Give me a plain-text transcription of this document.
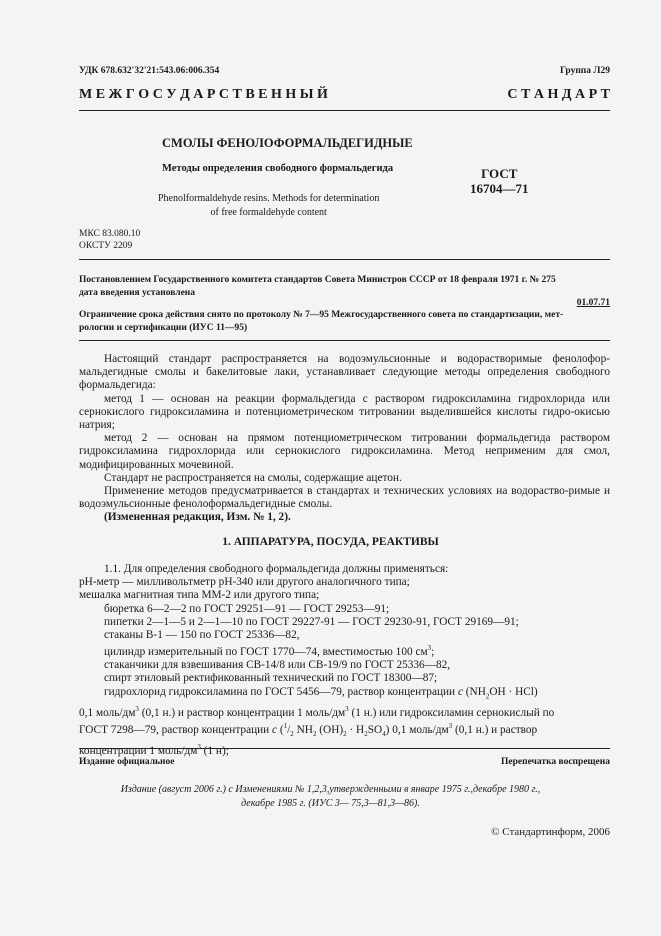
УДК 678.632'32'21:543.06:006.354	Группа Л29
М Е Ж Г О С У Д А Р С Т В Е Н Н Ы Й	С Т А Н Д А Р Т
СМОЛЫ ФЕНОЛОФОРМАЛЬДЕГИДНЫЕ
Методы определения свободного формальдегида
Phenolformaldehyde resins. Methods for determination
of free formaldehyde content
ГОСТ
16704—71
МКС 83.080.10
ОКСТУ 2209
Постановлением Государственного комитета стандартов Совета Министров СССР от 18 февраля 1971 г. № 275
дата введения установлена
01.07.71
Ограничение срока действия снято по протоколу № 7—95 Межгосударственного совета по стандартизации, мет-
рологии и сертификации (ИУС 11—95)

Настоящий стандарт распространяется на водоэмульсионные и водорастворимые фенолофор-мальдегидные смолы и бакелитовые лаки, устанавливает следующие методы определения свободного формальдегида:

метод 1 — основан на реакции формальдегида с раствором гидроксиламина гидрохлорида или сернокислого гидроксиламина и потенциометрическом титровании выделившейся кислоты гидро-окисью натрия;

метод 2 — основан на прямом потенциометрическом титровании формальдегида раствором гидроксиламина гидрохлорида или сернокислого гидроксиламина. Метод неприменим для смол, модифицированных мочевиной.

Стандарт не распространяется на смолы, содержащие ацетон.

Применение методов предусматривается в стандартах и технических условиях на водораство-римые и водоэмульсионные фенолоформальдегидные смолы.

(Измененная редакция, Изм. № 1, 2).

1. АППАРАТУРА, ПОСУДА, РЕАКТИВЫ

1.1. Для определения свободного формальдегида должны применяться:

pH-метр — милливольтметр pH-340 или другого аналогичного типа;

мешалка магнитная типа ММ-2 или другого типа;

бюретка 6—2—2 по ГОСТ 29251—91 — ГОСТ 29253—91;

пипетки 2—1—5 и 2—1—10 по ГОСТ 29227-91 — ГОСТ 29230-91, ГОСТ 29169—91;

стаканы В-1 — 150 по ГОСТ 25336—82,

цилиндр измерительный по ГОСТ 1770—74, вместимостью 100 $см^3$;

стаканчики для взвешивания СВ-14/8 или СВ-19/9 по ГОСТ 25336—82,

спирт этиловый ректификованный технический по ГОСТ 18300—87;

гидрохлорид гидроксиламина по ГОСТ 5456—79, раствор концентрации с $(NH_2OH \cdot HCl)$

0,1 моль/$дм^3$ (0,1 н.) и раствор концентрации 1 моль/$дм^3$ (1 н.) или гидроксиламин сернокислый по

ГОСТ 7298—79, раствор концентрации с ($^1/_2$ $NH_2$ $(OH)_2 \cdot H_2SO_4$) 0,1 моль/$дм^3$ (0,1 н.) и раствор

концентрации 1 моль/$дм^3$ (1 н);

Издание официальное	Перепечатка воспрещена
Издание (август 2006 г.) с Изменениями № 1,2,3,утвержденными в январе 1975 г.,декабре 1980 г.,
декабре 1985 г. (ИУС 3— 75,3—81,3—86).
© Стандартинформ, 2006
